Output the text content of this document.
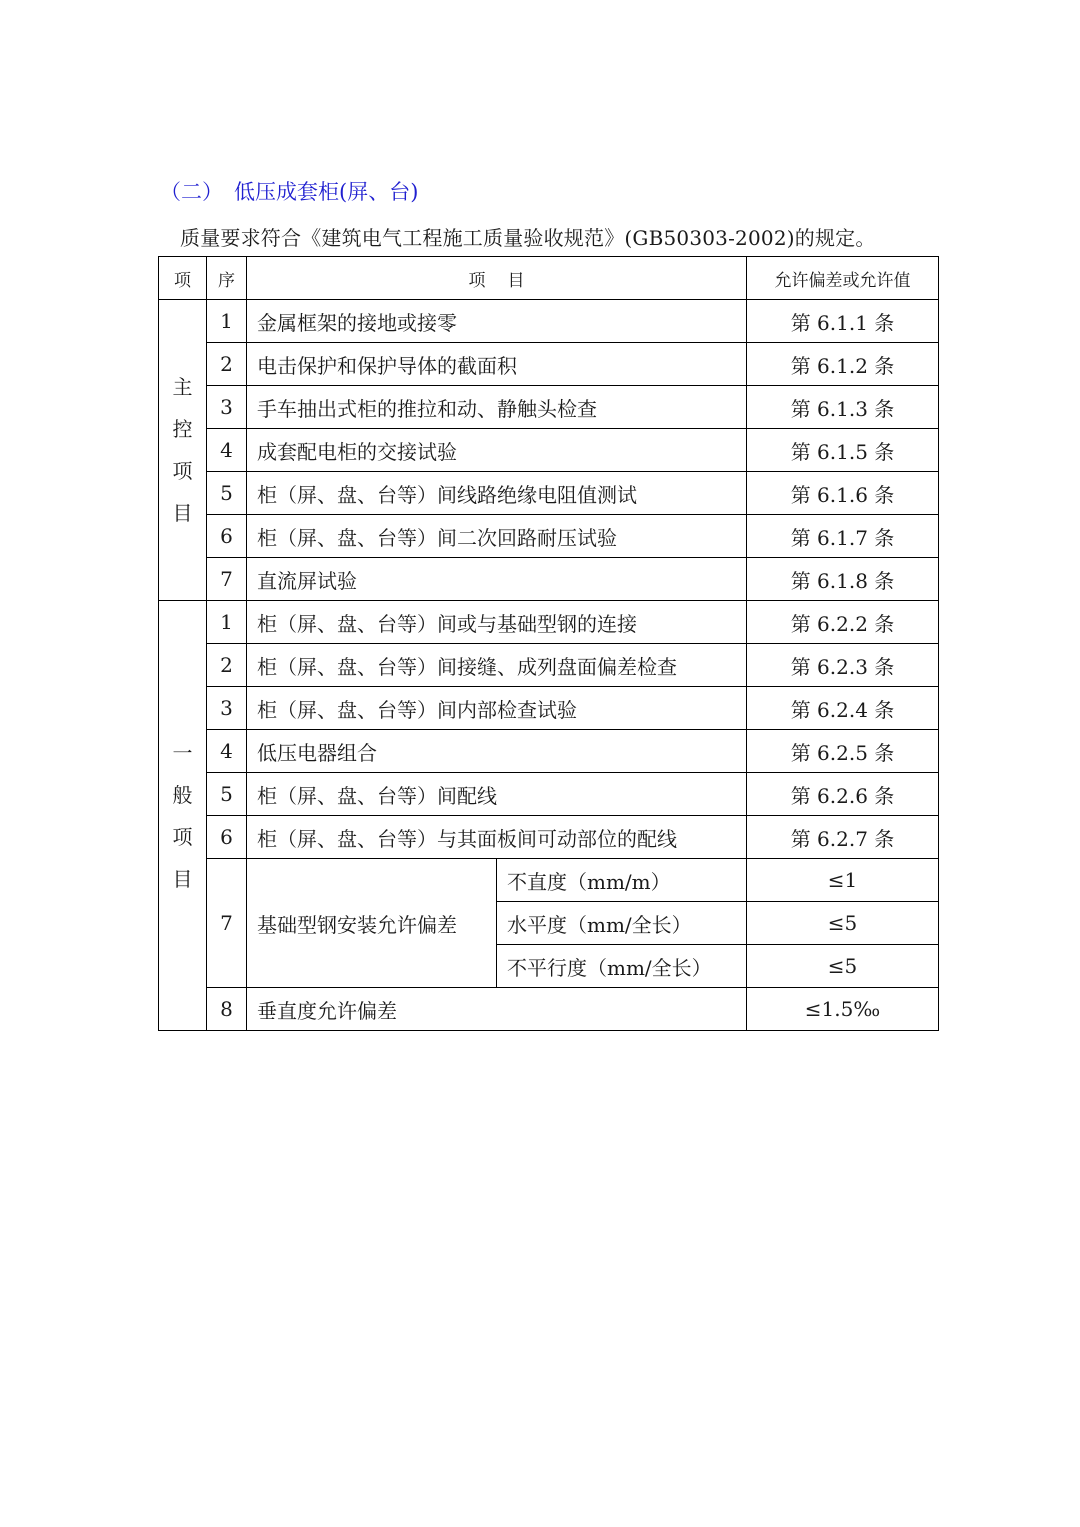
（二） 低压成套柜(屏、台)
质量要求符合《建筑电气工程施工质量验收规范》(GB50303-2002)的规定。
项	序	项 目		允许偏差或允许值

主
控
项
目	1	金属框架的接地或接零		第 6.1.1 条
	2	电击保护和保护导体的截面积		第 6.1.2 条
	3	手车抽出式柜的推拉和动、静触头检查		第 6.1.3 条
	4	成套配电柜的交接试验		第 6.1.5 条
	5	柜（屏、盘、台等）间线路绝缘电阻值测试		第 6.1.6 条
	6	柜（屏、盘、台等）间二次回路耐压试验		第 6.1.7 条
	7	直流屏试验		第 6.1.8 条

一
般
项
目	1	柜（屏、盘、台等）间或与基础型钢的连接		第 6.2.2 条
	2	柜（屏、盘、台等）间接缝、成列盘面偏差检查		第 6.2.3 条
	3	柜（屏、盘、台等）间内部检查试验		第 6.2.4 条
	4	低压电器组合		第 6.2.5 条
	5	柜（屏、盘、台等）间配线		第 6.2.6 条
	6	柜（屏、盘、台等）与其面板间可动部位的配线		第 6.2.7 条
	7	基础型钢安装允许偏差	不直度（mm/m）	≤1
			水平度（mm/全长）	≤5
			不平行度（mm/全长）	≤5
	8	垂直度允许偏差		≤1.5‰
